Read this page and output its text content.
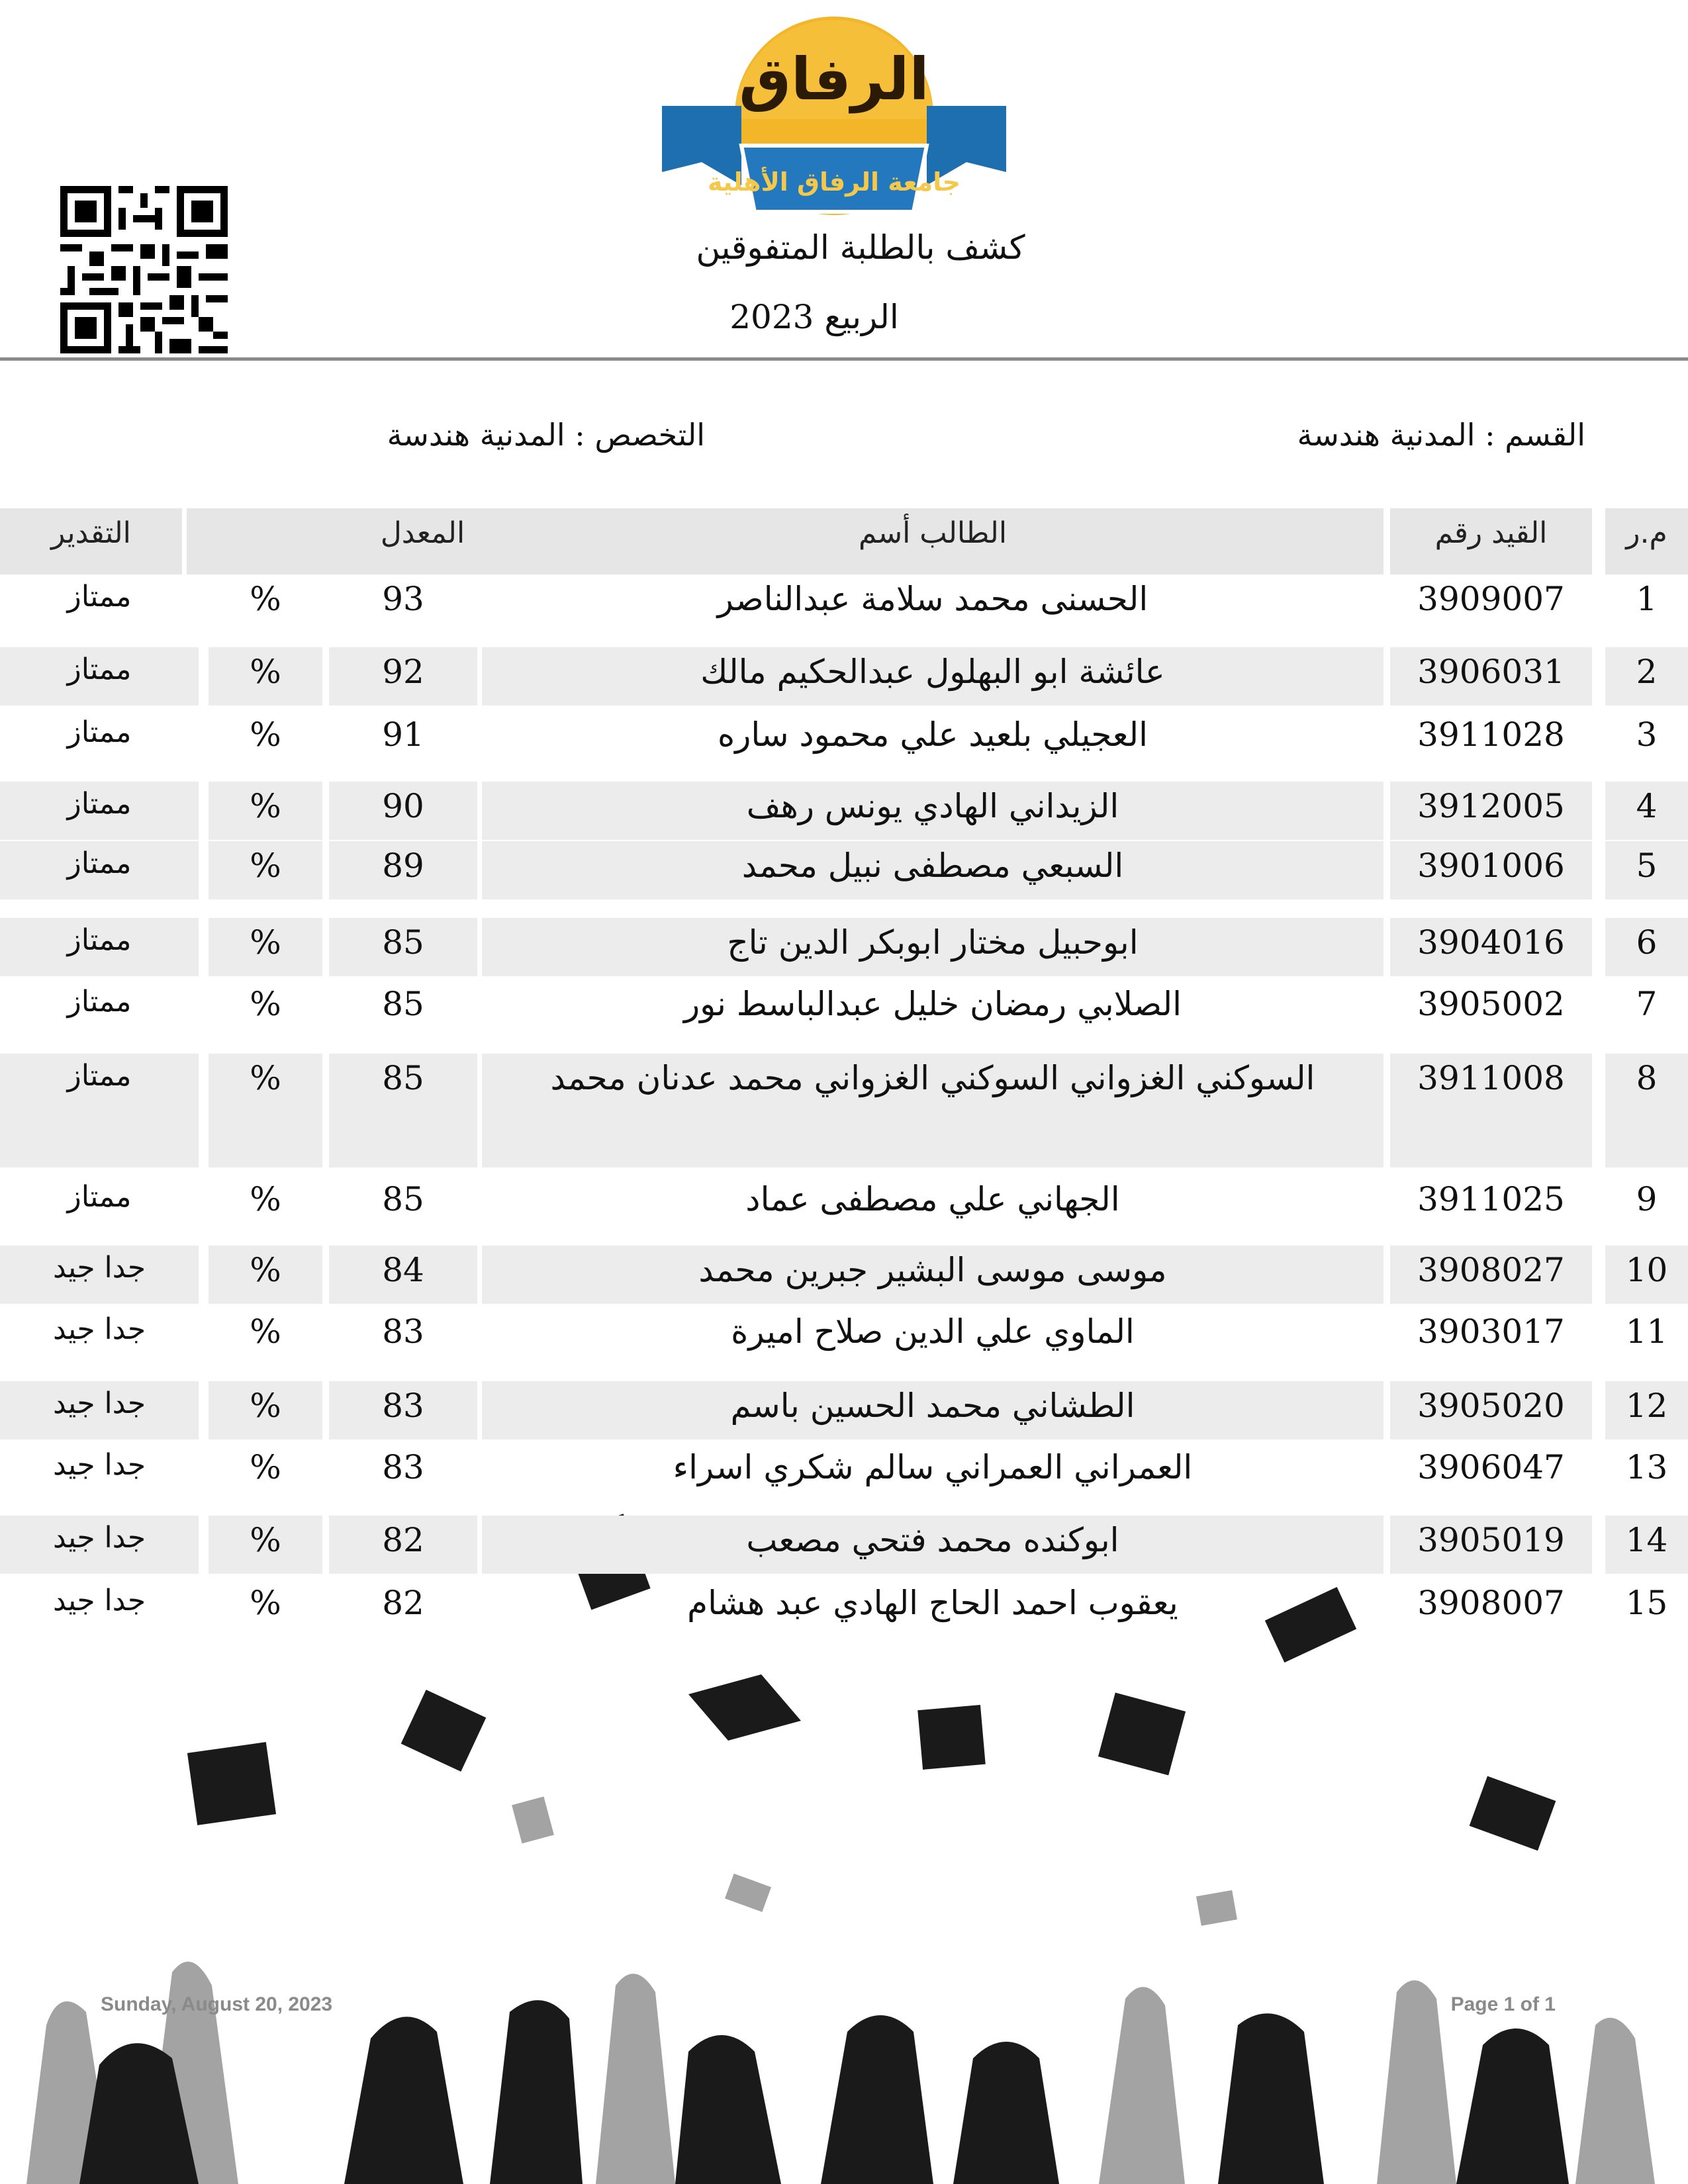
الرفاق
جامعة الرفاق الأهلية
كشف بالطلبة المتفوقين
الربيع 2023
القسم : المدنية هندسة
التخصص : المدنية هندسة
م.ر
القيد رقم
الطالب أسم
المعدل
التقدير
1
3909007
الحسنى محمد سلامة عبدالناصر
93
%
ممتاز
2
3906031
عائشة ابو البهلول عبدالحكيم مالك
92
%
ممتاز
3
3911028
العجيلي بلعيد علي محمود ساره
91
%
ممتاز
4
3912005
الزيداني الهادي يونس رهف
90
%
ممتاز
5
3901006
السبعي مصطفى نبيل محمد
89
%
ممتاز
6
3904016
ابوحبيل مختار ابوبكر الدين تاج
85
%
ممتاز
7
3905002
الصلابي رمضان خليل عبدالباسط نور
85
%
ممتاز
8
3911008
السوكني الغزواني السوكني الغزواني محمد عدنان محمد
85
%
ممتاز
9
3911025
الجهاني علي مصطفى عماد
85
%
ممتاز
10
3908027
موسى موسى البشير جبرين محمد
84
%
جدا جيد
11
3903017
الماوي علي الدين صلاح اميرة
83
%
جدا جيد
12
3905020
الطشاني محمد الحسين باسم
83
%
جدا جيد
13
3906047
العمراني العمراني سالم شكري اسراء
83
%
جدا جيد
14
3905019
ابوكنده محمد فتحي مصعب
82
%
جدا جيد
15
3908007
يعقوب احمد الحاج الهادي عبد هشام
82
%
جدا جيد
Sunday, August 20, 2023	Page 1 of 1
